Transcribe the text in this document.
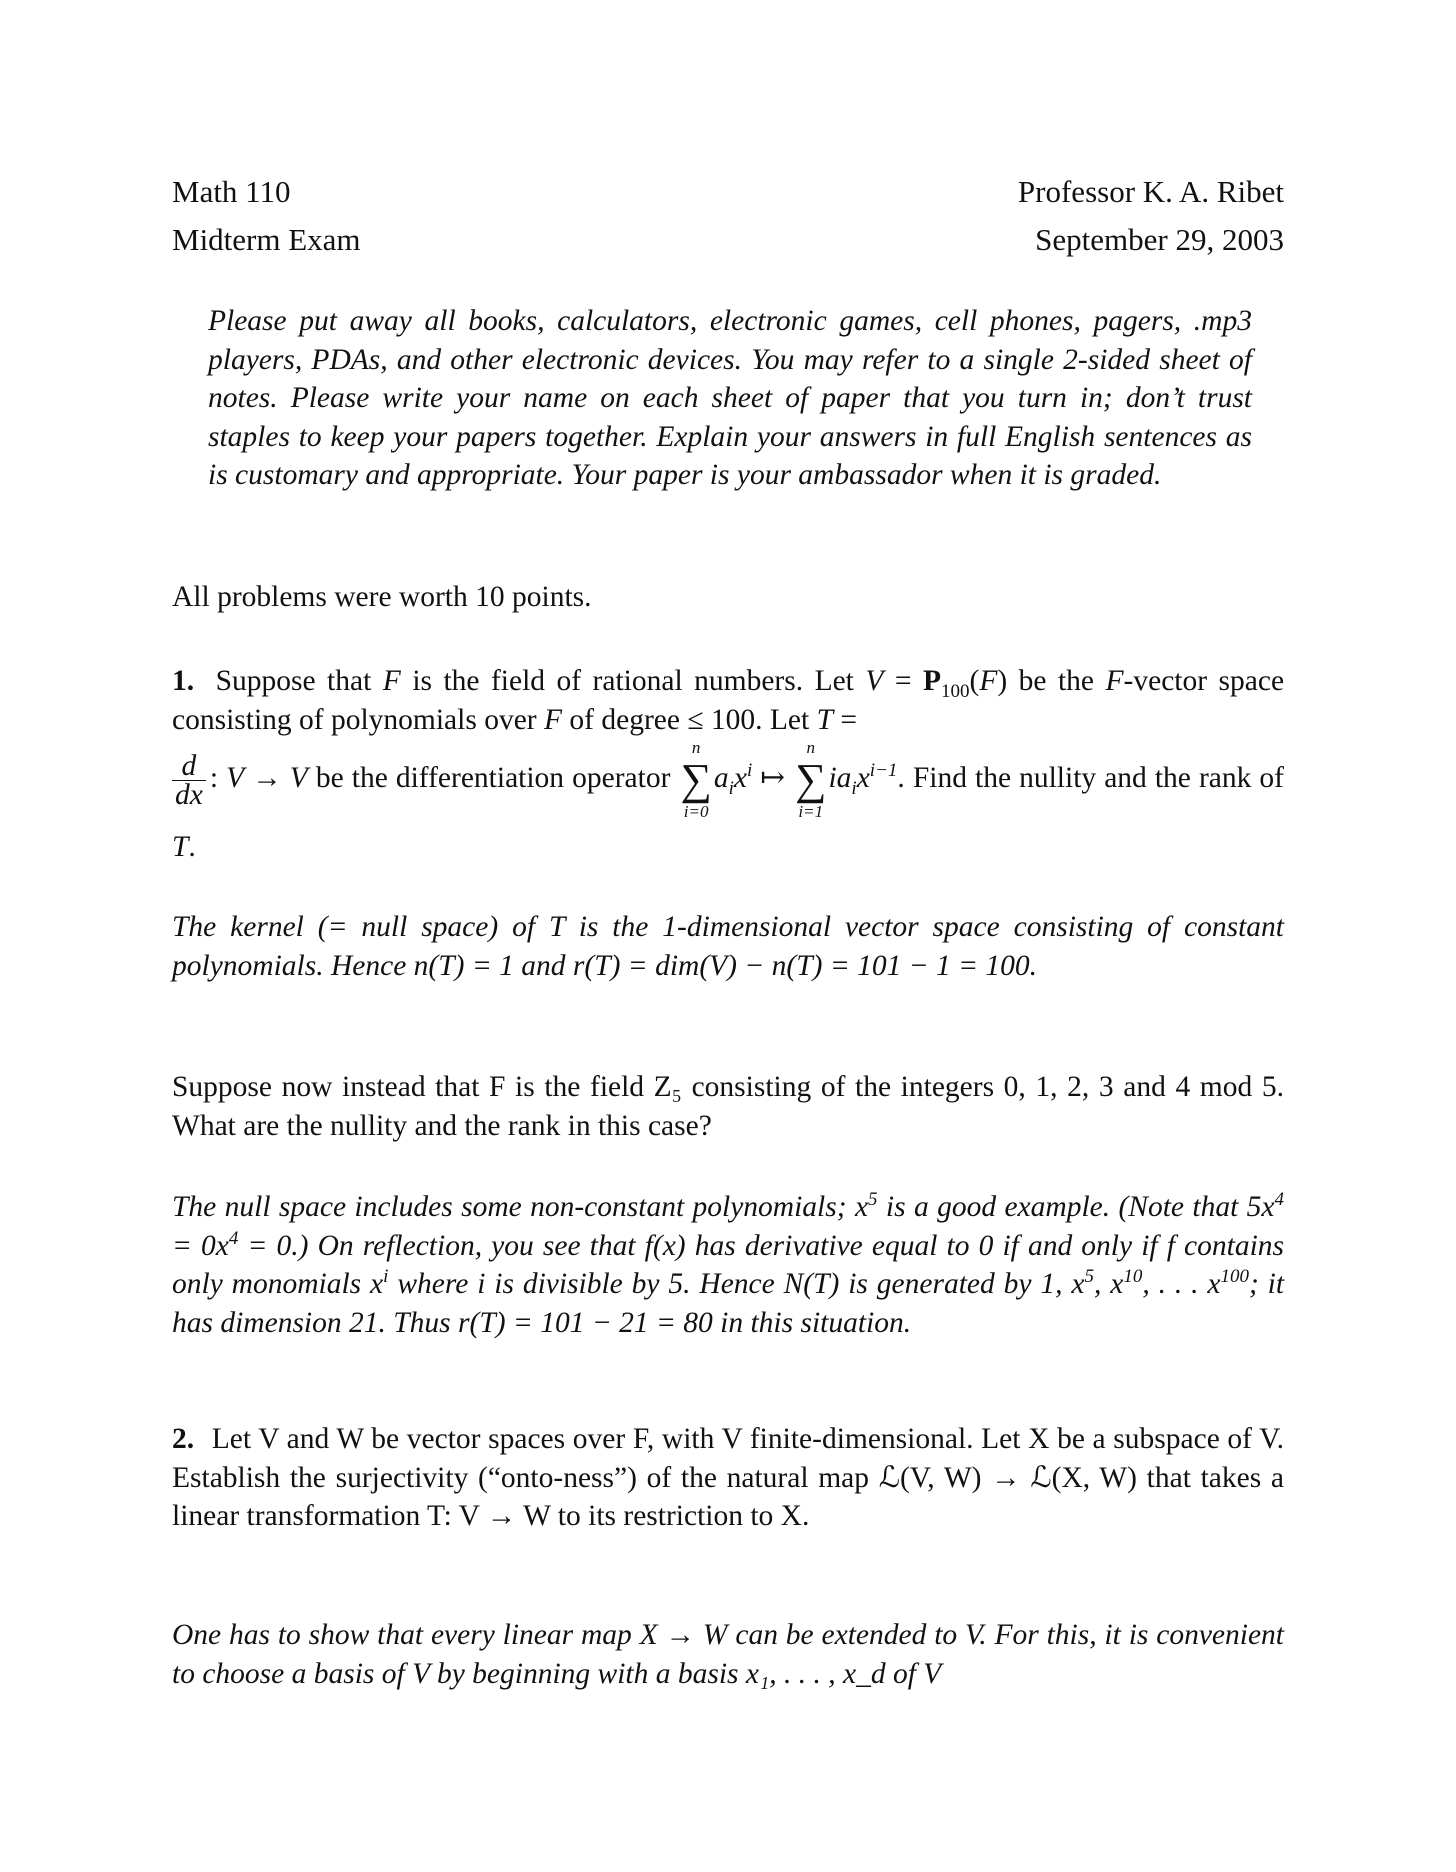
Math 110
Midterm Exam
Professor K. A. Ribet
September 29, 2003
Please put away all books, calculators, electronic games, cell phones, pagers, .mp3 players, PDAs, and other electronic devices. You may refer to a single 2-sided sheet of notes. Please write your name on each sheet of paper that you turn in; don’t trust staples to keep your papers together. Explain your answers in full English sentences as is customary and appropriate. Your paper is your ambassador when it is graded.
All problems were worth 10 points.
1. Suppose that F is the field of rational numbers. Let $V = P_{100}(F)$ be the F-vector space consisting of polynomials over F of degree ≤ 100. Let T =
$\frac{d}{dx}$ : V → V be the differentiation operator
n
∑
i=0
$a_ix^i$ ↦
n
∑
i=1
$ia_ix^{i-1}$. Find the nullity and the rank of T.
The kernel (= null space) of T is the 1-dimensional vector space consisting of constant polynomials. Hence n(T) = 1 and r(T) = dim(V) − n(T) = 101 − 1 = 100.
Suppose now instead that F is the field Z₅ consisting of the integers 0, 1, 2, 3 and 4 mod 5. What are the nullity and the rank in this case?
The null space includes some non-constant polynomials; $x^5$ is a good example. (Note that $5x^4 = 0x^4 = 0$.) On reflection, you see that f(x) has derivative equal to 0 if and only if f contains only monomials $x^i$ where i is divisible by 5. Hence N(T) is generated by 1, $x^5$, $x^{10}$, . . . $x^{100}$; it has dimension 21. Thus r(T) = 101 − 21 = 80 in this situation.
2. Let V and W be vector spaces over F, with V finite-dimensional. Let X be a subspace of V. Establish the surjectivity (“onto-ness”) of the natural map ℒ(V, W) → ℒ(X, W) that takes a linear transformation T: V → W to its restriction to X.
One has to show that every linear map X → W can be extended to V. For this, it is convenient to choose a basis of V by beginning with a basis x₁, . . . , x_d of V
